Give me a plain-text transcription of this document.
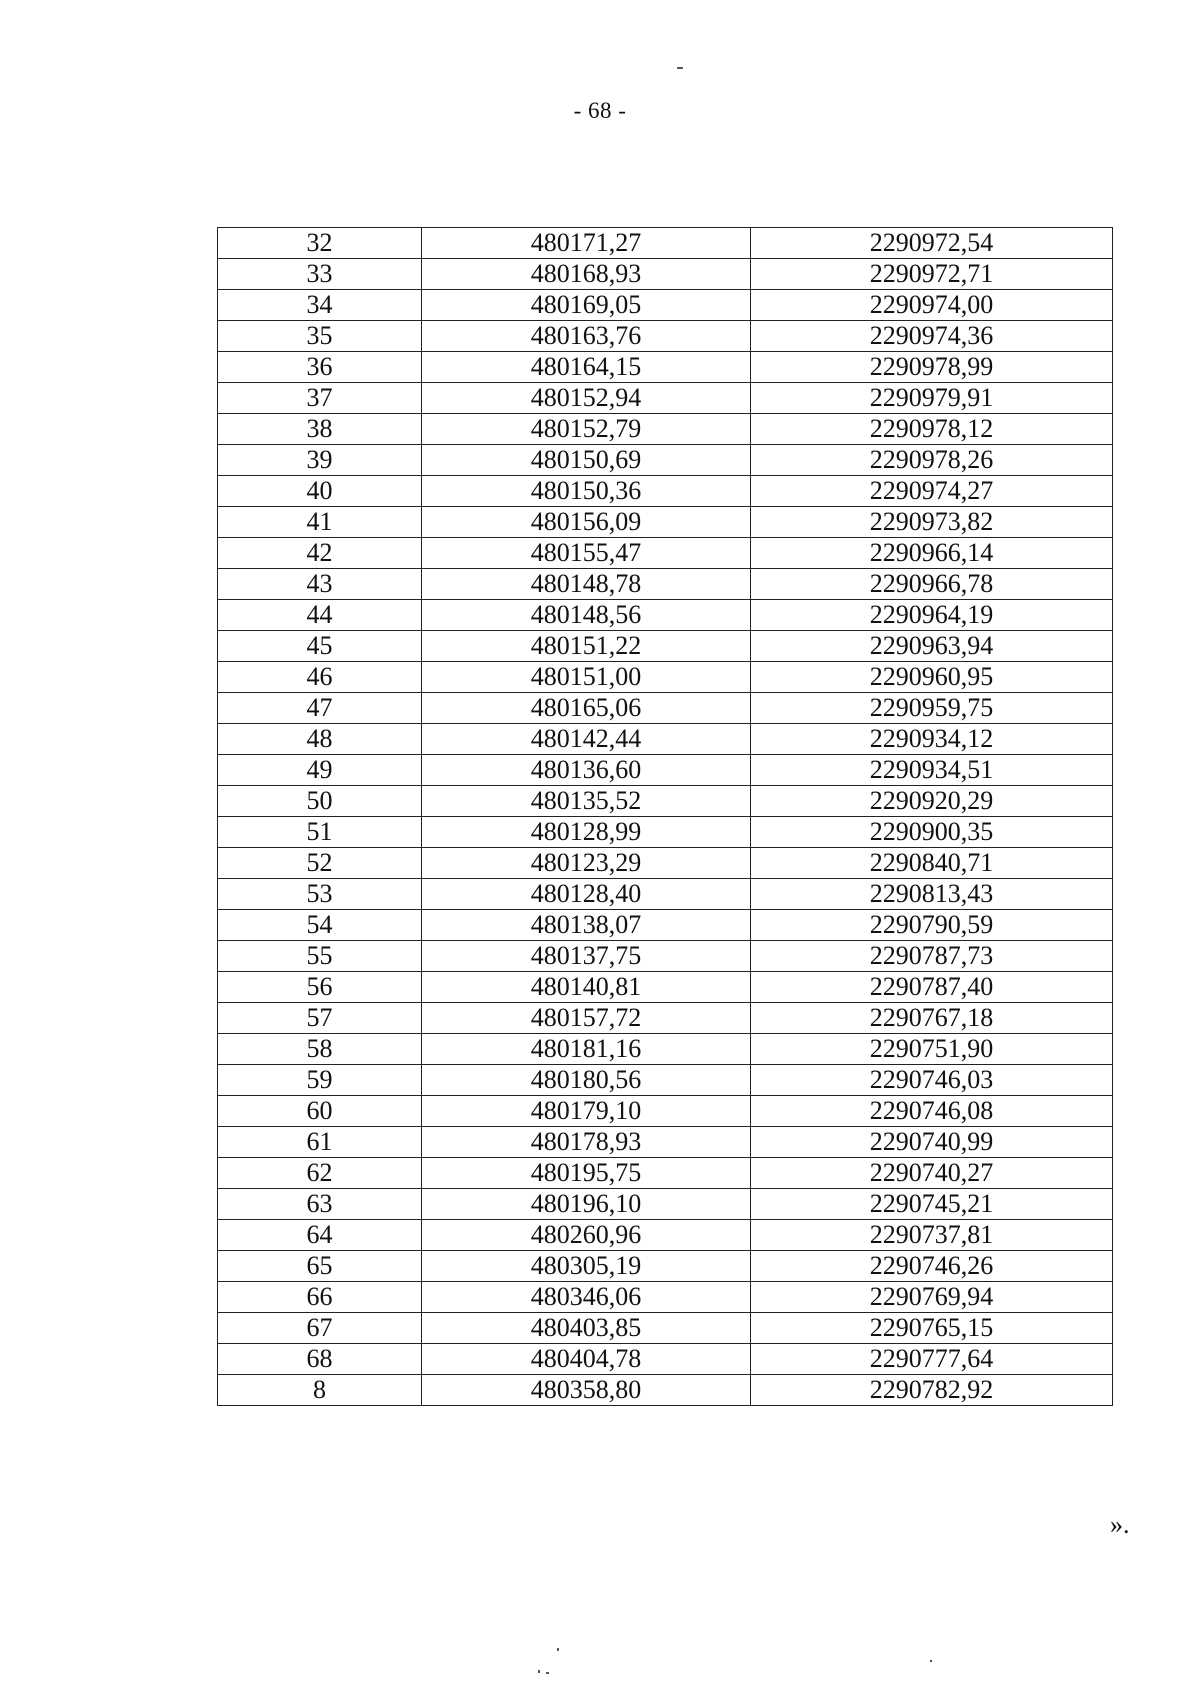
- 68 -
32	480171,27	2290972,54
33	480168,93	2290972,71
34	480169,05	2290974,00
35	480163,76	2290974,36
36	480164,15	2290978,99
37	480152,94	2290979,91
38	480152,79	2290978,12
39	480150,69	2290978,26
40	480150,36	2290974,27
41	480156,09	2290973,82
42	480155,47	2290966,14
43	480148,78	2290966,78
44	480148,56	2290964,19
45	480151,22	2290963,94
46	480151,00	2290960,95
47	480165,06	2290959,75
48	480142,44	2290934,12
49	480136,60	2290934,51
50	480135,52	2290920,29
51	480128,99	2290900,35
52	480123,29	2290840,71
53	480128,40	2290813,43
54	480138,07	2290790,59
55	480137,75	2290787,73
56	480140,81	2290787,40
57	480157,72	2290767,18
58	480181,16	2290751,90
59	480180,56	2290746,03
60	480179,10	2290746,08
61	480178,93	2290740,99
62	480195,75	2290740,27
63	480196,10	2290745,21
64	480260,96	2290737,81
65	480305,19	2290746,26
66	480346,06	2290769,94
67	480403,85	2290765,15
68	480404,78	2290777,64
8	480358,80	2290782,92
».
